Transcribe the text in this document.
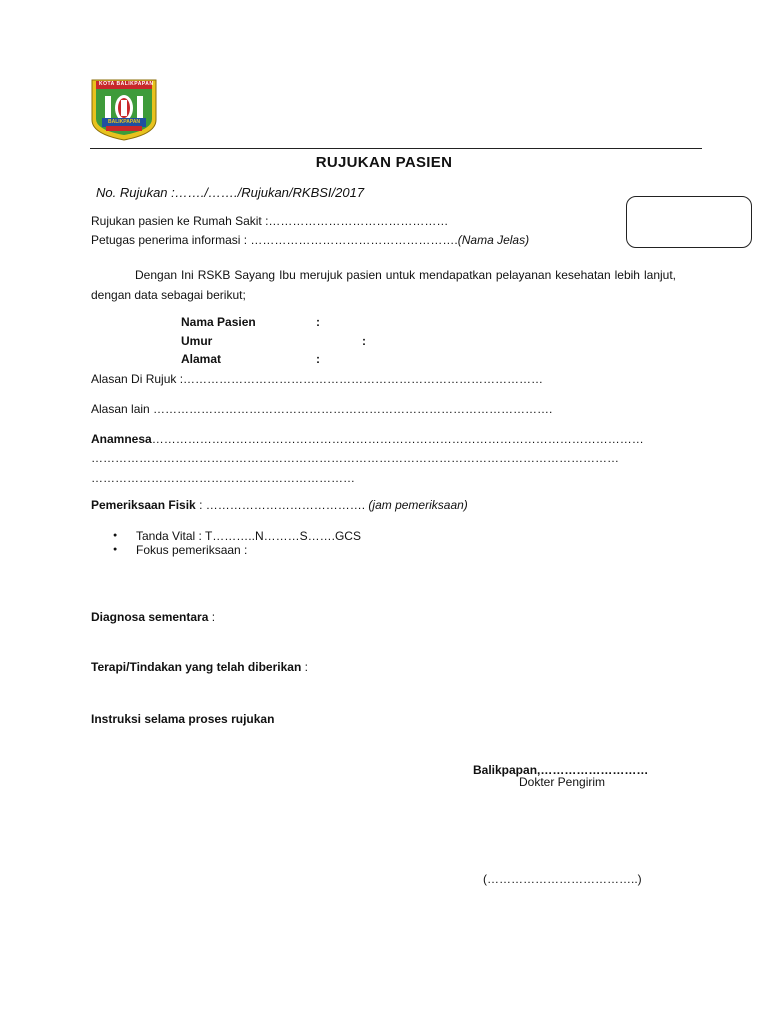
KOTA BALIKPAPAN
BALIKPAPAN
RUJUKAN PASIEN
No. Rujukan :……./……./Rujukan/RKBSI/2017
Rujukan pasien ke Rumah Sakit :………………………………………
Petugas penerima informasi : …………………………………………….(Nama Jelas)
Dengan Ini RSKB Sayang Ibu merujuk pasien untuk mendapatkan pelayanan kesehatan lebih lanjut, dengan data sebagai berikut;
Nama Pasien	:
Umur	:
Alamat	:
Alasan Di Rujuk :………………………………………………………………………………
Alasan lain ……………………………………………………………………………………….
Anamnesa……………………………………………………………………………………………………………
……………………………………………………………………………………………………………………
…………………………………………………………
Pemeriksaan Fisik : …………………………………. (jam pemeriksaan)
● Tanda Vital : T………..N………S…….GCS
● Fokus pemeriksaan :
Diagnosa sementara :
Terapi/Tindakan yang telah diberikan :
Instruksi selama proses rujukan
Balikpapan,………………………
Dokter Pengirim
(………………………………..)
